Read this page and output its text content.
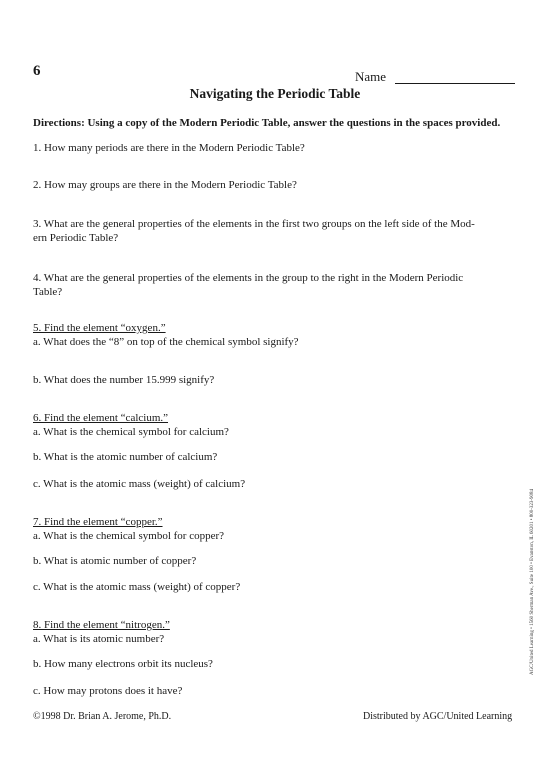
6	Name
Navigating the Periodic Table
Directions: Using a copy of the Modern Periodic Table, answer the questions in the spaces provided.
1. How many periods are there in the Modern Periodic Table?
2. How may groups are there in the Modern Periodic Table?
3. What are the general properties of the elements in the first two groups on the left side of the Mod-
ern Periodic Table?
4. What are the general properties of the elements in the group to the right in the Modern Periodic
Table?
5. Find the element “oxygen.”
a. What does the “8” on top of the chemical symbol signify?
b. What does the number 15.999 signify?
6. Find the element “calcium.”
a. What is the chemical symbol for calcium?
b. What is the atomic number of calcium?
c. What is the atomic mass (weight) of calcium?
7. Find the element “copper.”
a. What is the chemical symbol for copper?
b. What is atomic number of copper?
c. What is the atomic mass (weight) of copper?
8. Find the element “nitrogen.”
a. What is its atomic number?
b. How many electrons orbit its nucleus?
c. How may protons does it have?
©1998 Dr. Brian A. Jerome, Ph.D.	Distributed by AGC/United Learning
AGC/United Learning • 1560 Sherman Ave., Suite 100 • Evanston, IL 60201 • 800-323-9084
